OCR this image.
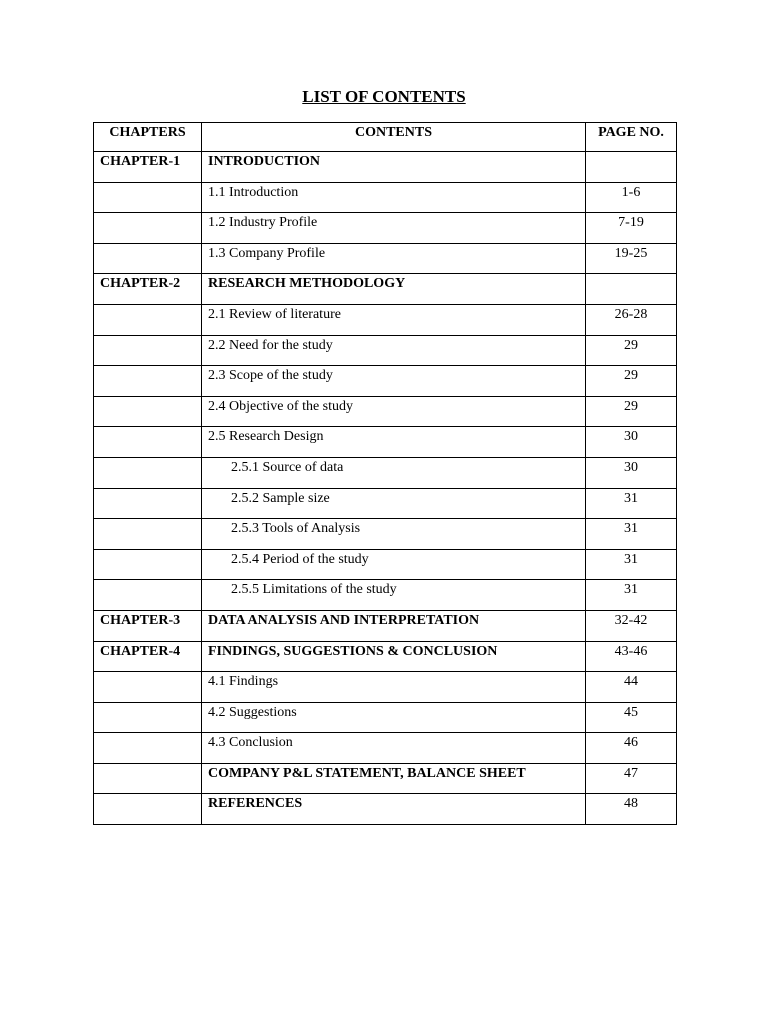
LIST OF CONTENTS
CHAPTERS	CONTENTS	PAGE NO.

CHAPTER-1	INTRODUCTION	

	1.1 Introduction	1-6

	1.2 Industry Profile	7-19

	1.3 Company Profile	19-25

CHAPTER-2	RESEARCH METHODOLOGY	

	2.1 Review of literature	26-28

	2.2 Need for the study	29

	2.3 Scope of the study	29

	2.4 Objective of the study	29

	2.5 Research Design	30

	2.5.1 Source of data	30

	2.5.2 Sample size	31

	2.5.3 Tools of Analysis	31

	2.5.4 Period of the study	31

	2.5.5 Limitations of the study	31

CHAPTER-3	DATA ANALYSIS AND INTERPRETATION	32-42

CHAPTER-4	FINDINGS, SUGGESTIONS & CONCLUSION	43-46

	4.1 Findings	44

	4.2 Suggestions	45

	4.3 Conclusion	46

	COMPANY P&L STATEMENT, BALANCE SHEET	47

	REFERENCES	48
